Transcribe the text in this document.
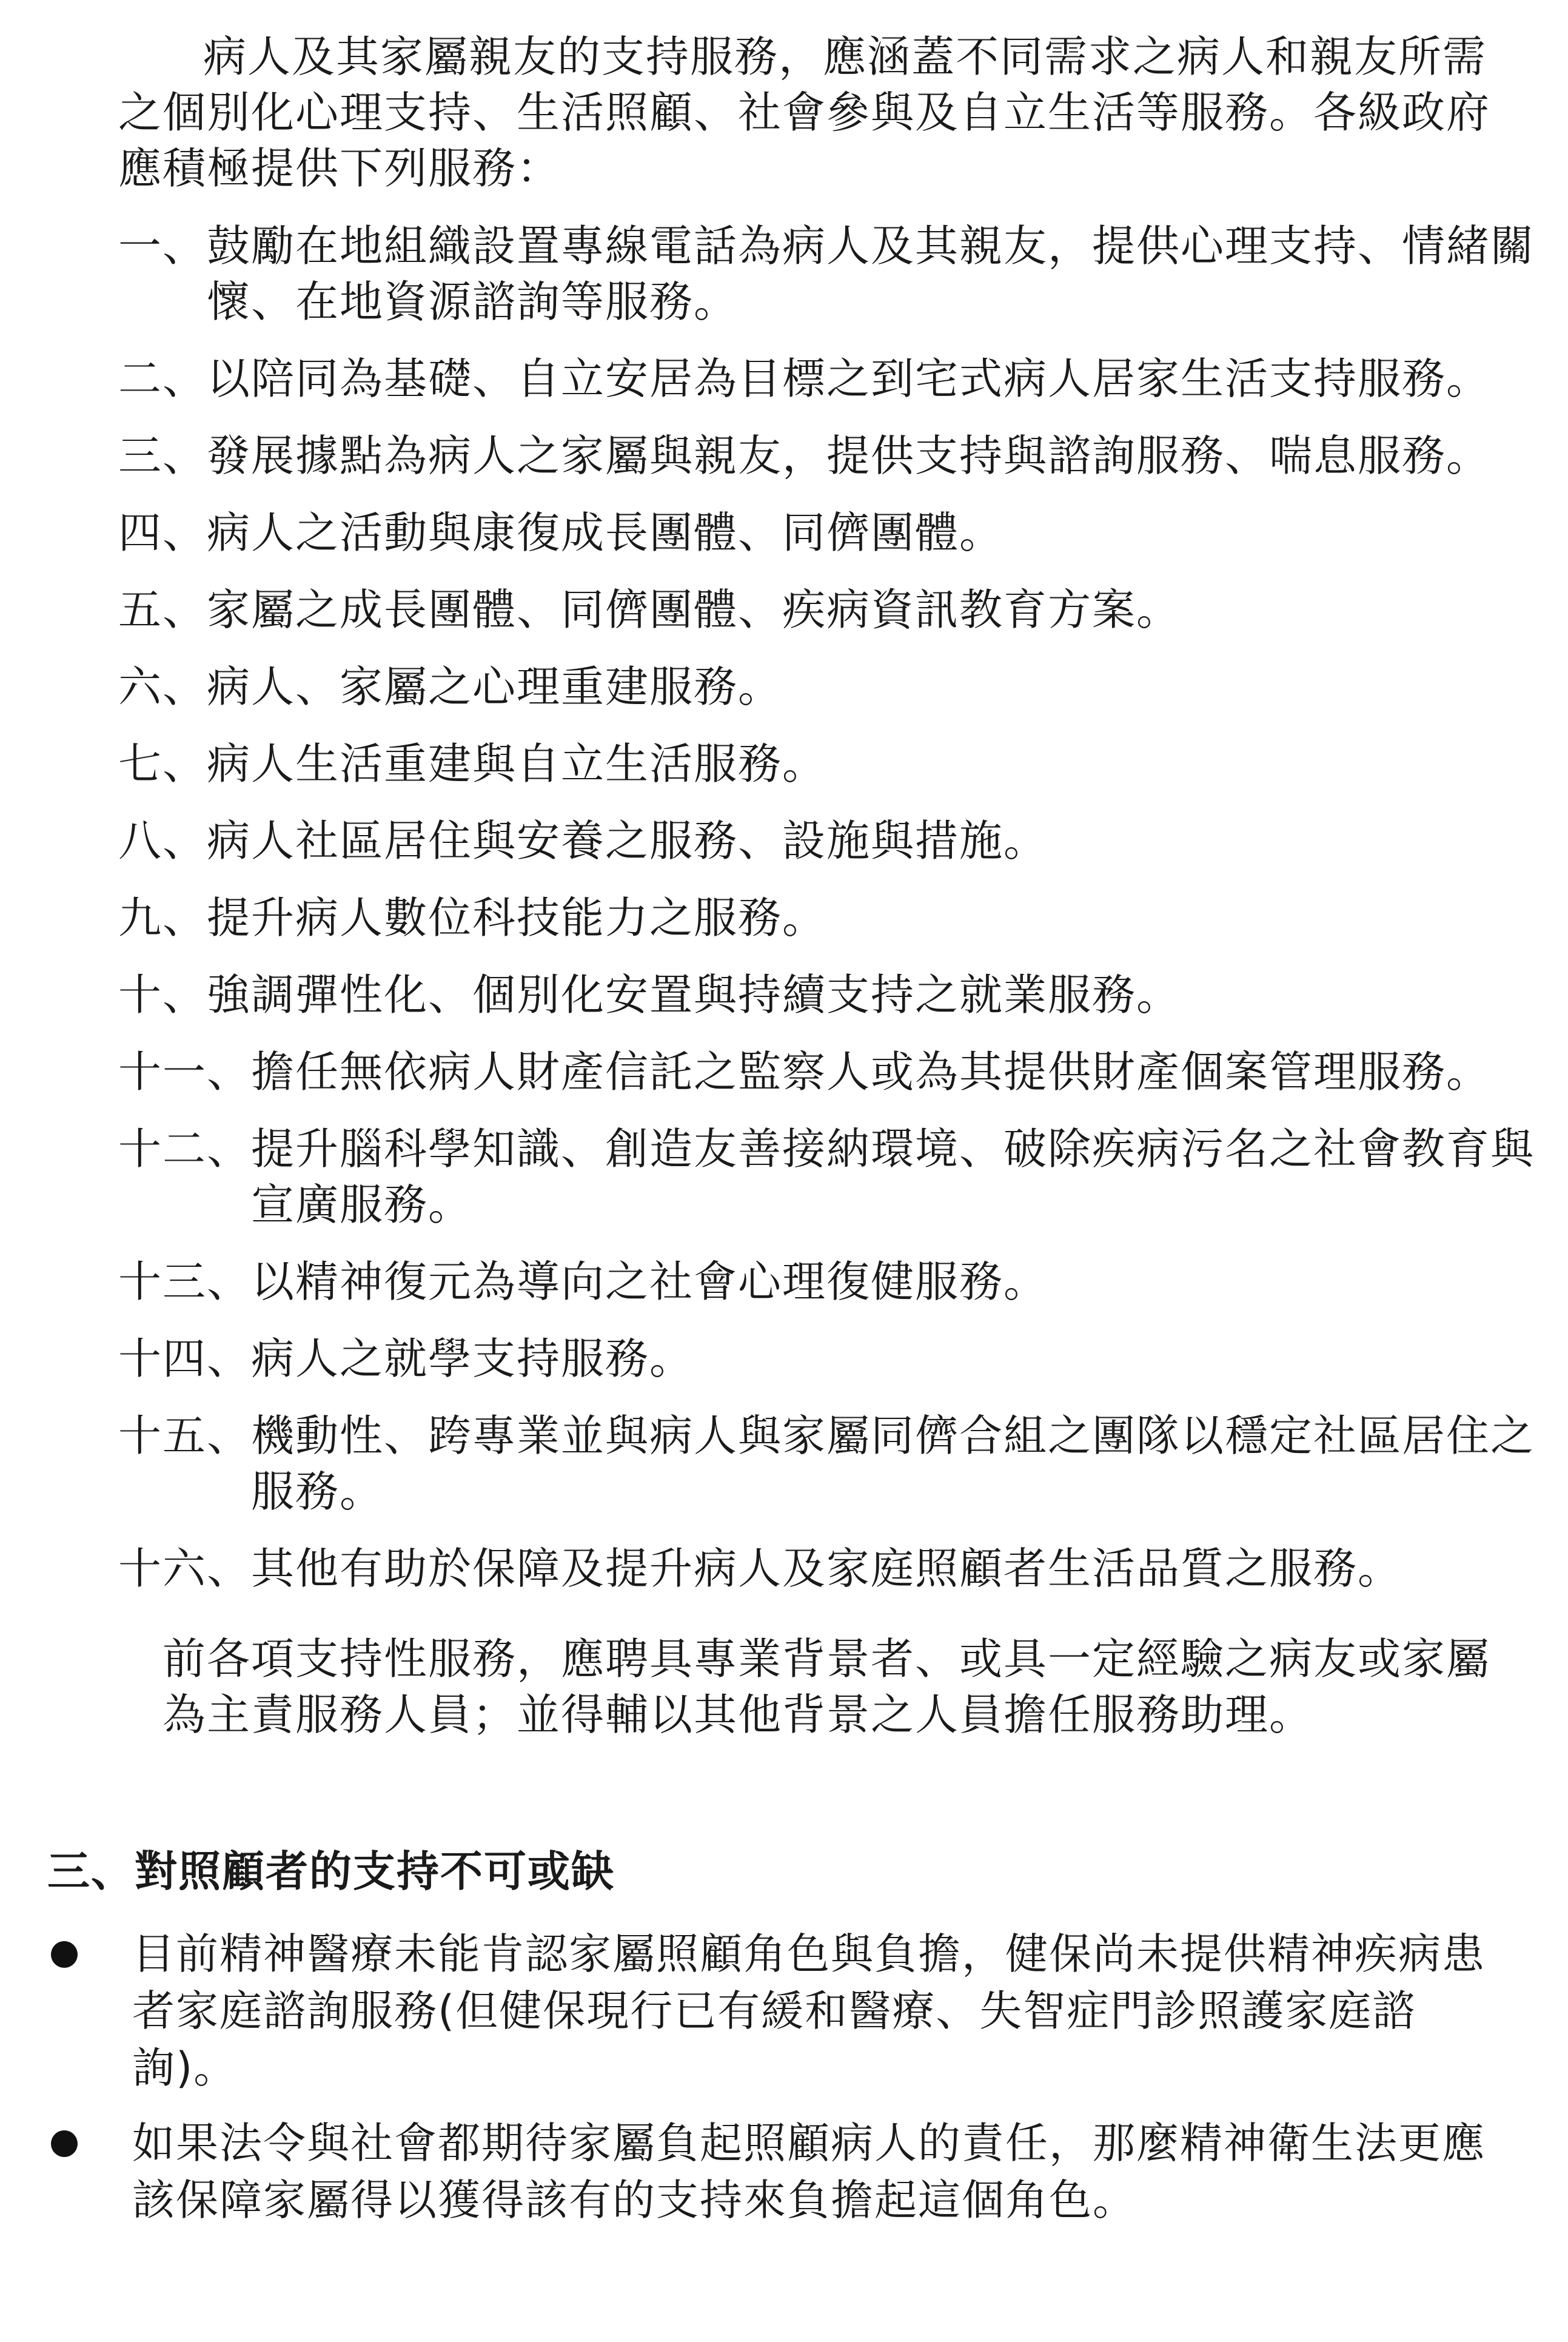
病人及其家屬親友的支持服務，應涵蓋不同需求之病人和親友所需之個別化心理支持、生活照顧、社會參與及自立生活等服務。各級政府應積極提供下列服務：

一、 鼓勵在地組織設置專線電話為病人及其親友，提供心理支持、情緒關懷、在地資源諮詢等服務。
二、 以陪同為基礎、自立安居為目標之到宅式病人居家生活支持服務。
三、 發展據點為病人之家屬與親友，提供支持與諮詢服務、喘息服務。
四、 病人之活動與康復成長團體、同儕團體。
五、 家屬之成長團體、同儕團體、疾病資訊教育方案。
六、 病人、家屬之心理重建服務。
七、 病人生活重建與自立生活服務。
八、 病人社區居住與安養之服務、設施與措施。
九、 提升病人數位科技能力之服務。
十、 強調彈性化、個別化安置與持續支持之就業服務。
十一、 擔任無依病人財產信託之監察人或為其提供財產個案管理服務。
十二、 提升腦科學知識、創造友善接納環境、破除疾病污名之社會教育與宣廣服務。
十三、 以精神復元為導向之社會心理復健服務。
十四、 病人之就學支持服務。
十五、 機動性、跨專業並與病人與家屬同儕合組之團隊以穩定社區居住之服務。
十六、 其他有助於保障及提升病人及家庭照顧者生活品質之服務。

前各項支持性服務，應聘具專業背景者、或具一定經驗之病友或家屬為主責服務人員；並得輔以其他背景之人員擔任服務助理。

三、對照顧者的支持不可或缺
目前精神醫療未能肯認家屬照顧角色與負擔，健保尚未提供精神疾病患者家庭諮詢服務(但健保現行已有緩和醫療、失智症門診照護家庭諮詢)。
如果法令與社會都期待家屬負起照顧病人的責任，那麼精神衛生法更應該保障家屬得以獲得該有的支持來負擔起這個角色。
